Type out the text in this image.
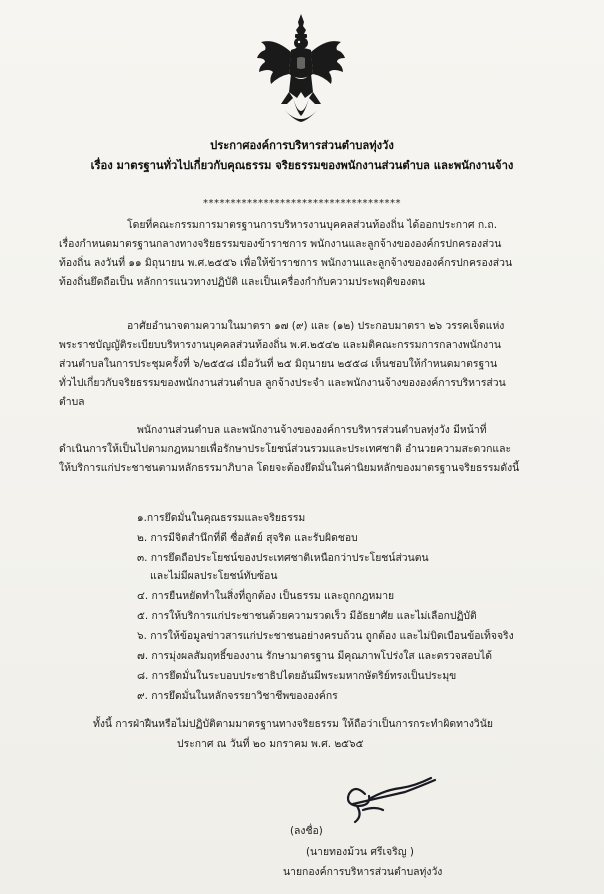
ประกาศองค์การบริหารส่วนตำบลทุ่งวัง
เรื่อง มาตรฐานทั่วไปเกี่ยวกับคุณธรรม จริยธรรมของพนักงานส่วนตำบล และพนักงานจ้าง
************************************
โดยที่คณะกรรมการมาตรฐานการบริหารงานบุคคลส่วนท้องถิ่น ได้ออกประกาศ ก.ถ.
เรื่องกำหนดมาตรฐานกลางทางจริยธรรมของข้าราชการ พนักงานและลูกจ้างขององค์กรปกครองส่วน
ท้องถิ่น ลงวันที่ ๑๑ มิถุนายน พ.ศ.๒๕๕๖ เพื่อให้ข้าราชการ พนักงานและลูกจ้างขององค์กรปกครองส่วน
ท้องถิ่นยึดถือเป็น หลักการแนวทางปฏิบัติ และเป็นเครื่องกำกับความประพฤติของตน
อาศัยอำนาจตามความในมาตรา ๑๗ (๙) และ (๑๒) ประกอบมาตรา ๒๖ วรรคเจ็ดแห่ง
พระราชบัญญัติระเบียบบริหารงานบุคคลส่วนท้องถิ่น พ.ศ.๒๕๔๒ และมติคณะกรรมการกลางพนักงาน
ส่วนตำบลในการประชุมครั้งที่ ๖/๒๕๕๘ เมื่อวันที่ ๒๕ มิถุนายน ๒๕๕๘ เห็นชอบให้กำหนดมาตรฐาน
ทั่วไปเกี่ยวกับจริยธรรมของพนักงานส่วนตำบล ลูกจ้างประจำ และพนักงานจ้างขององค์การบริหารส่วน
ตำบล
พนักงานส่วนตำบล และพนักงานจ้างขององค์การบริหารส่วนตำบลทุ่งวัง มีหน้าที่
ดำเนินการให้เป็นไปตามกฎหมายเพื่อรักษาประโยชน์ส่วนรวมและประเทศชาติ อำนวยความสะดวกและ
ให้บริการแก่ประชาชนตามหลักธรรมาภิบาล โดยจะต้องยึดมั่นในค่านิยมหลักของมาตรฐานจริยธรรมดังนี้
๑.การยึดมั่นในคุณธรรมและจริยธรรม
๒. การมีจิตสำนึกที่ดี ซื่อสัตย์ สุจริต และรับผิดชอบ
๓. การยึดถือประโยชน์ของประเทศชาติเหนือกว่าประโยชน์ส่วนตน
และไม่มีผลประโยชน์ทับซ้อน
๔. การยืนหยัดทำในสิ่งที่ถูกต้อง เป็นธรรม และถูกกฎหมาย
๕. การให้บริการแก่ประชาชนด้วยความรวดเร็ว มีอัธยาศัย และไม่เลือกปฏิบัติ
๖. การให้ข้อมูลข่าวสารแก่ประชาชนอย่างครบถ้วน ถูกต้อง และไม่บิดเบือนข้อเท็จจริง
๗. การมุ่งผลสัมฤทธิ์ของงาน รักษามาตรฐาน มีคุณภาพโปร่งใส และตรวจสอบได้
๘. การยึดมั่นในระบอบประชาธิปไตยอันมีพระมหากษัตริย์ทรงเป็นประมุข
๙. การยึดมั่นในหลักจรรยาวิชาชีพขององค์กร
ทั้งนี้ การฝ่าฝืนหรือไม่ปฏิบัติตามมาตรฐานทางจริยธรรม ให้ถือว่าเป็นการกระทำผิดทางวินัย
ประกาศ ณ วันที่ ๒๐ มกราคม พ.ศ. ๒๕๖๕
(ลงชื่อ)
(นายทองม้วน ศรีเจริญ )
นายกองค์การบริหารส่วนตำบลทุ่งวัง
